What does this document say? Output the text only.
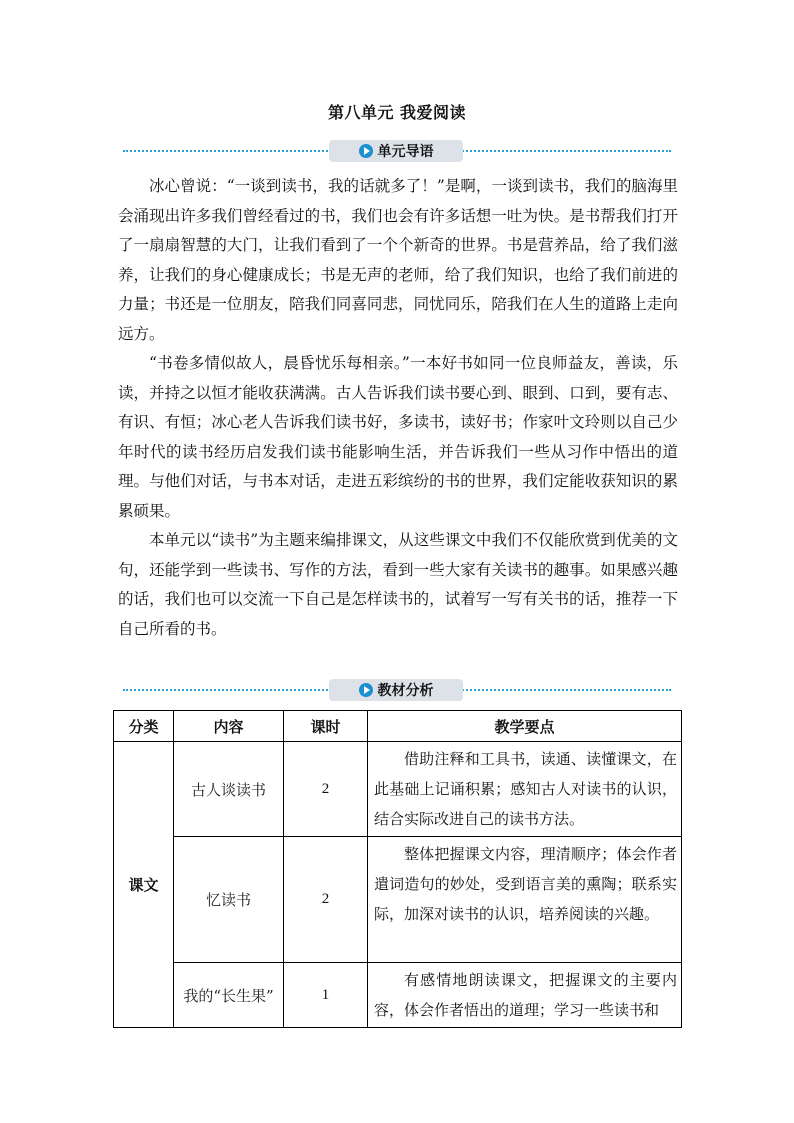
第八单元 我爱阅读
单元导语

冰心曾说：“一谈到读书，我的话就多了！”是啊，一谈到读书，我们的脑海里会涌现出许多我们曾经看过的书，我们也会有许多话想一吐为快。是书帮我们打开了一扇扇智慧的大门，让我们看到了一个个新奇的世界。书是营养品，给了我们滋养，让我们的身心健康成长；书是无声的老师，给了我们知识，也给了我们前进的力量；书还是一位朋友，陪我们同喜同悲，同忧同乐，陪我们在人生的道路上走向远方。

“书卷多情似故人，晨昏忧乐每相亲。”一本好书如同一位良师益友，善读，乐读，并持之以恒才能收获满满。古人告诉我们读书要心到、眼到、口到，要有志、有识、有恒；冰心老人告诉我们读书好，多读书，读好书；作家叶文玲则以自己少年时代的读书经历启发我们读书能影响生活，并告诉我们一些从习作中悟出的道理。与他们对话，与书本对话，走进五彩缤纷的书的世界，我们定能收获知识的累累硕果。

本单元以“读书”为主题来编排课文，从这些课文中我们不仅能欣赏到优美的文句，还能学到一些读书、写作的方法，看到一些大家有关读书的趣事。如果感兴趣的话，我们也可以交流一下自己是怎样读书的，试着写一写有关书的话，推荐一下自己所看的书。

教材分析
分类	内容	课时	教学要点
课文	古人谈读书	2	借助注释和工具书，读通、读懂课文，在此基础上记诵积累；感知古人对读书的认识，结合实际改进自己的读书方法。

	忆读书	2	整体把握课文内容，理清顺序；体会作者遣词造句的妙处，受到语言美的熏陶；联系实际，加深对读书的认识，培养阅读的兴趣。

	我的“长生果”	1	有感情地朗读课文，把握课文的主要内容，体会作者悟出的道理；学习一些读书和
